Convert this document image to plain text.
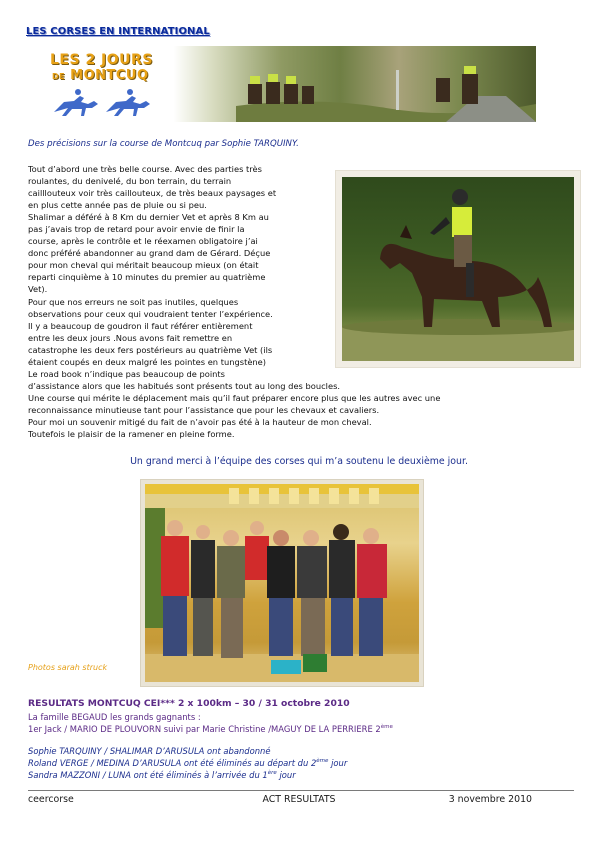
LES CORSES EN INTERNATIONAL
LES 2 JOURS
DE MONTCUQ
Des précisions sur la course de Montcuq par Sophie TARQUINY.
Tout d’abord une très belle course. Avec des parties très
roulantes, du denivelé, du bon terrain, du terrain
cailllouteux voir très caillouteux, de très beaux paysages et
en plus cette année pas de pluie ou si peu.
Shalimar a déféré à 8 Km du dernier Vet et après 8 Km au
pas j’avais trop de retard pour avoir envie de finir la
course, après le contrôle et le réexamen obligatoire j’ai
donc préféré abandonner au grand dam de Gérard. Déçue
pour mon cheval qui méritait beaucoup mieux (on était
reparti cinquième à 10 minutes du premier au quatrième
Vet).
Pour que nos erreurs ne soit pas inutiles, quelques
observations pour ceux qui voudraient tenter l’expérience.
Il y a beaucoup de goudron il faut référer entièrement
entre les deux jours .Nous avons fait remettre en
catastrophe les deux fers postérieurs au quatrième Vet (ils
étaient coupés en deux malgré les pointes en tungstène)
Le road book n’indique pas beaucoup de points
d’assistance alors que les habitués sont présents tout au long des boucles.
Une course qui mérite le déplacement mais qu’il faut préparer encore plus que les autres avec une
reconnaissance minutieuse tant pour l’assistance que pour les chevaux et cavaliers.
Pour moi un souvenir mitigé du fait de n’avoir pas été à la hauteur de mon cheval.
Toutefois le plaisir de la ramener en pleine forme.
Un grand merci à l’équipe des corses qui m’a soutenu le deuxième jour.
Photos sarah struck
RESULTATS MONTCUQ CEI*** 2 x 100km – 30 / 31 octobre 2010
La famille BEGAUD les grands gagnants :
1er Jack / MARIO DE PLOUVORN suivi par Marie Christine /MAGUY DE LA PERRIERE 2ème
Sophie TARQUINY / SHALIMAR D’ARUSULA ont abandonné
Roland VERGE / MEDINA D’ARUSULA ont été éliminés au départ du 2ème jour
Sandra MAZZONI / LUNA ont été éliminés à l’arrivée du 1ère jour
ceercorse	ACT RESULTATS	3 novembre 2010
